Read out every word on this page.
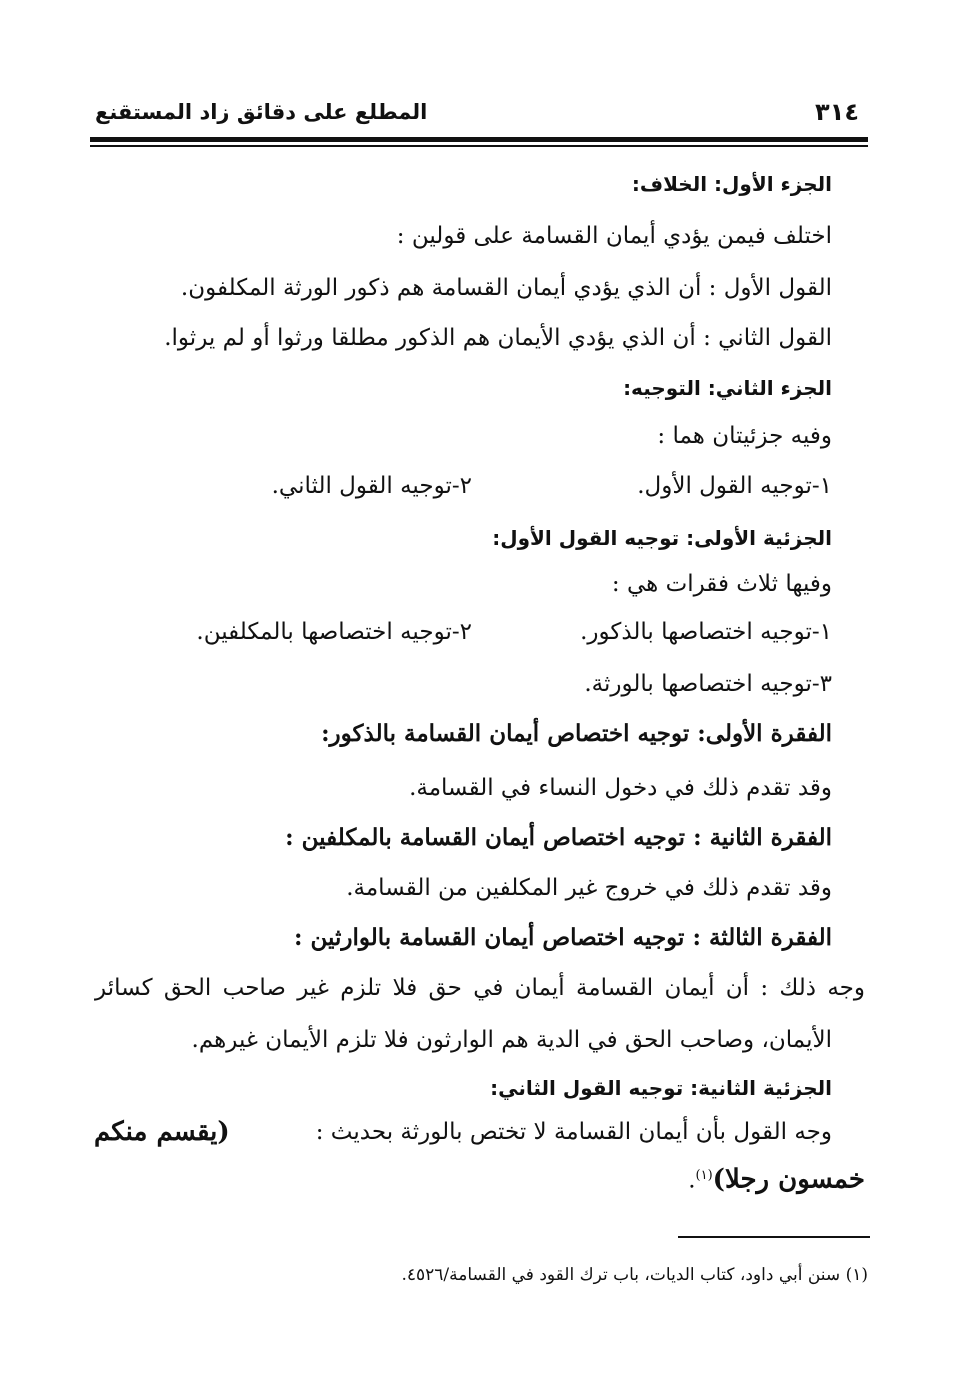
المطلع على دقائق زاد المستقنع	٣١٤
الجزء الأول: الخلاف:
اختلف فيمن يؤدي أيمان القسامة على قولين :
القول الأول : أن الذي يؤدي أيمان القسامة هم ذكور الورثة المكلفون.
القول الثاني : أن الذي يؤدي الأيمان هم الذكور مطلقا ورثوا أو لم يرثوا.
الجزء الثاني: التوجيه:
وفيه جزئيتان هما :
١-توجيه القول الأول.
٢-توجيه القول الثاني.
الجزئية الأولى: توجيه القول الأول:
وفيها ثلاث فقرات هي :
١-توجيه اختصاصها بالذكور.
٢-توجيه اختصاصها بالمكلفين.
٣-توجيه اختصاصها بالورثة.
الفقرة الأولى: توجيه اختصاص أيمان القسامة بالذكور:
وقد تقدم ذلك في دخول النساء في القسامة.
الفقرة الثانية : توجيه اختصاص أيمان القسامة بالمكلفين :
وقد تقدم ذلك في خروج غير المكلفين من القسامة.
الفقرة الثالثة : توجيه اختصاص أيمان القسامة بالوارثين :
وجه ذلك : أن أيمان القسامة أيمان في حق فلا تلزم غير صاحب الحق كسائر
الأيمان، وصاحب الحق في الدية هم الوارثون فلا تلزم الأيمان غيرهم.
الجزئية الثانية: توجيه القول الثاني:
وجه القول بأن أيمان القسامة لا تختص بالورثة بحديث :
(يقسم منكم
خمسون رجلا)$^{(١)}$.
(١) سنن أبي داود، كتاب الديات، باب ترك القود في القسامة/٤٥٢٦.
